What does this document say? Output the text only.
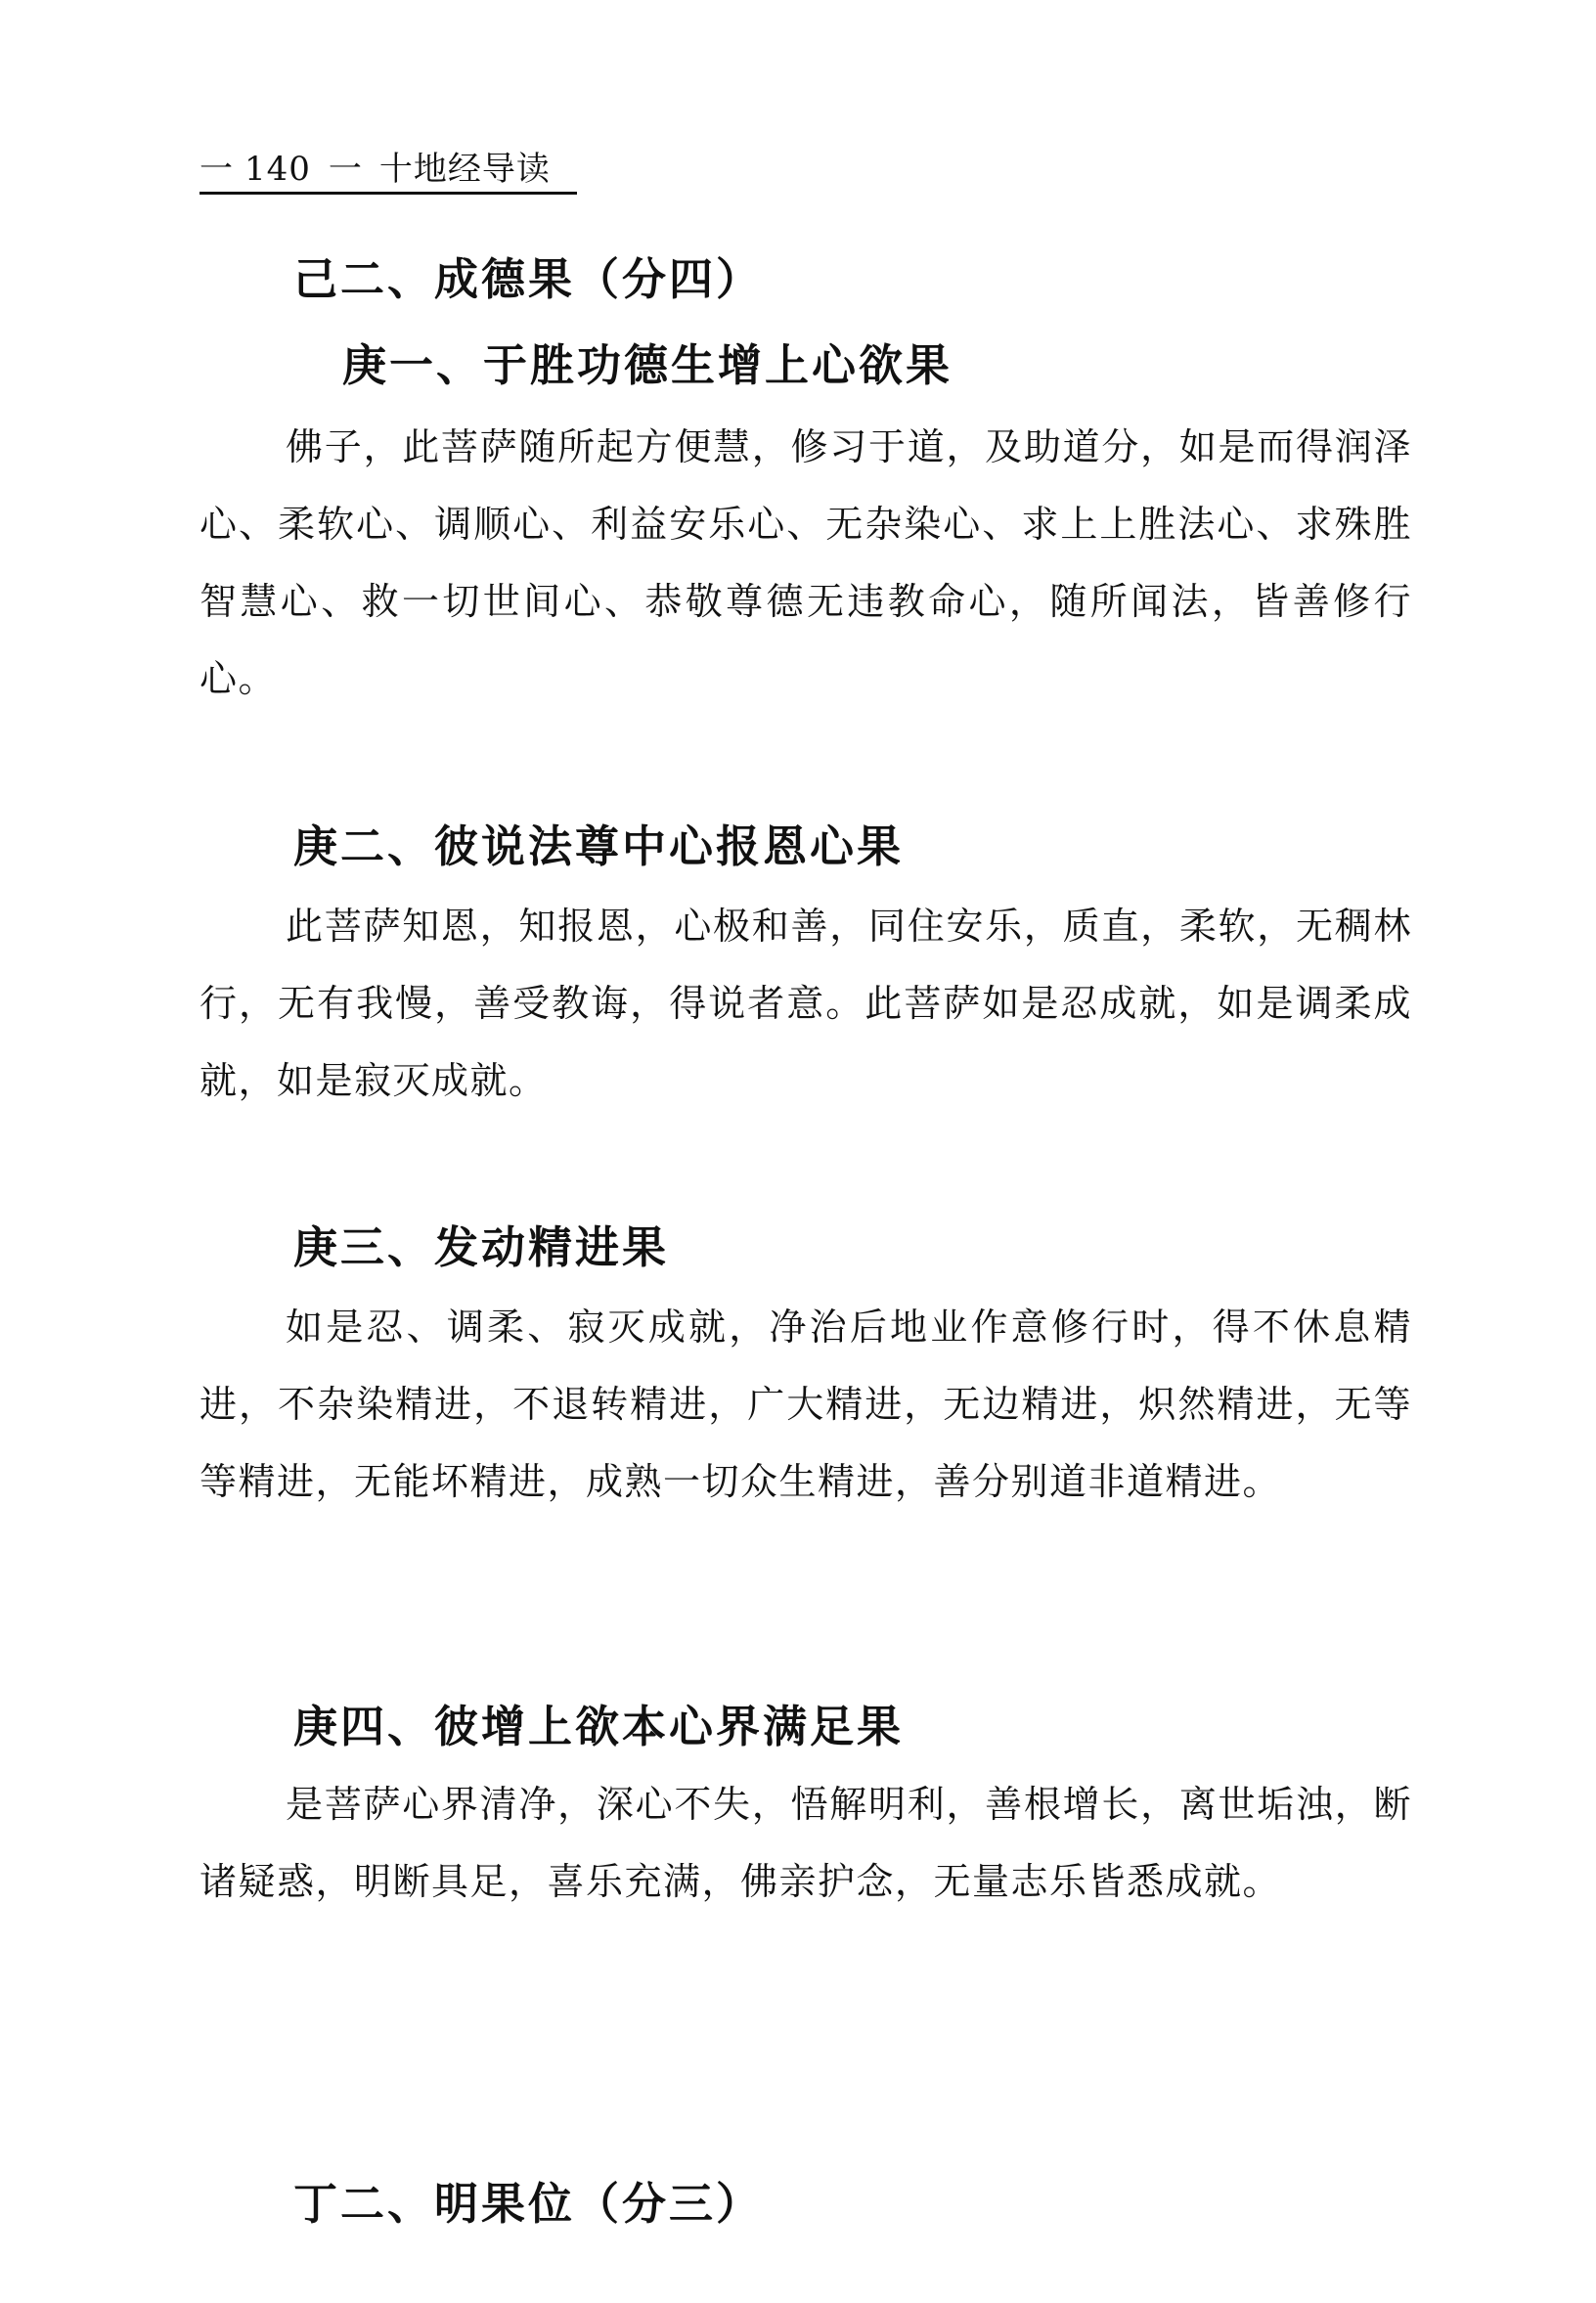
一 140 一 十地经导读
己二、成德果（分四）
庚一、于胜功德生增上心欲果

佛子，此菩萨随所起方便慧，修习于道，及助道分，如是而得润泽心、柔软心、调顺心、利益安乐心、无杂染心、求上上胜法心、求殊胜智慧心、救一切世间心、恭敬尊德无违教命心，随所闻法，皆善修行心。

庚二、彼说法尊中心报恩心果

此菩萨知恩，知报恩，心极和善，同住安乐，质直，柔软，无稠林行，无有我慢，善受教诲，得说者意。此菩萨如是忍成就，如是调柔成就，如是寂灭成就。

庚三、发动精进果

如是忍、调柔、寂灭成就，净治后地业作意修行时，得不休息精进，不杂染精进，不退转精进，广大精进，无边精进，炽然精进，无等等精进，无能坏精进，成熟一切众生精进，善分别道非道精进。

庚四、彼增上欲本心界满足果

是菩萨心界清净，深心不失，悟解明利，善根增长，离世垢浊，断诸疑惑，明断具足，喜乐充满，佛亲护念，无量志乐皆悉成就。

丁二、明果位（分三）
